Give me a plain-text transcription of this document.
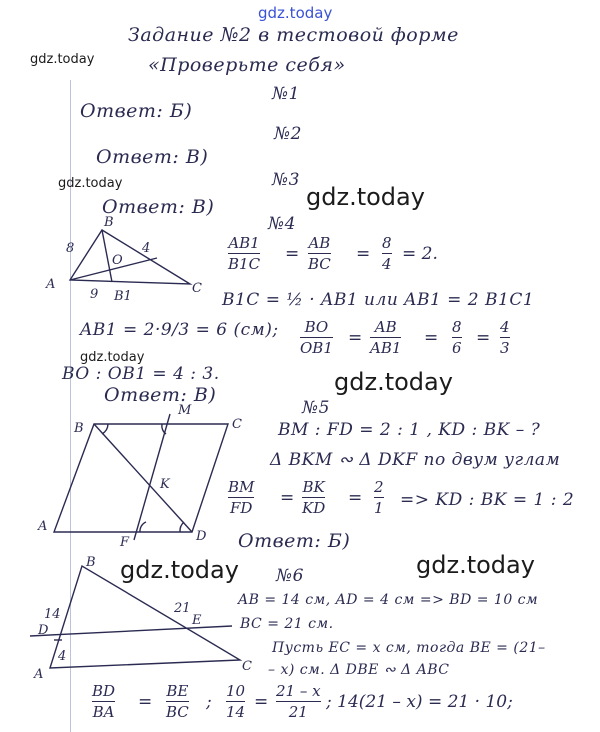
gdz.today
gdz.today
gdz.today	gdz.today
gdz.today
gdz.today
gdz.today	gdz.today
Задание №2 в тестовой форме
«Проверьте себя»
№1
Ответ: Б)
№2
Ответ: В)
№3
Ответ: В)
№4
AB1
B1C =
AB
BC =
8
4 = 2.
B1C = ½ · AB1 или AB1 = 2 B1C1
AB1 = 2·9/3 = 6 (см); BO
OB1 =
AB
AB1 =
8
6 =
4
3
BO : OB1 = 4 : 3.
Ответ: В)
№5
BM : FD = 2 : 1 , KD : BK – ?
Δ BKM ∾ Δ DKF по двум углам
BM
FD =
BK
KD =
2
1 => KD : BK = 1 : 2
Ответ: Б)
№6
AB = 14 см, AD = 4 см => BD = 10 см
BC = 21 см.
Пусть EC = x см, тогда BE = (21–
– x) см. Δ DBE ∾ Δ ABC
BD
BA =
BE
BC ;
10
14 =
21 – x
21 ; 14(21 – x) = 21 · 10;
A
B
C
O
B1
8	4
9
B	C
D
A
M
K
F
B
A
C
D
E
14
4
21
